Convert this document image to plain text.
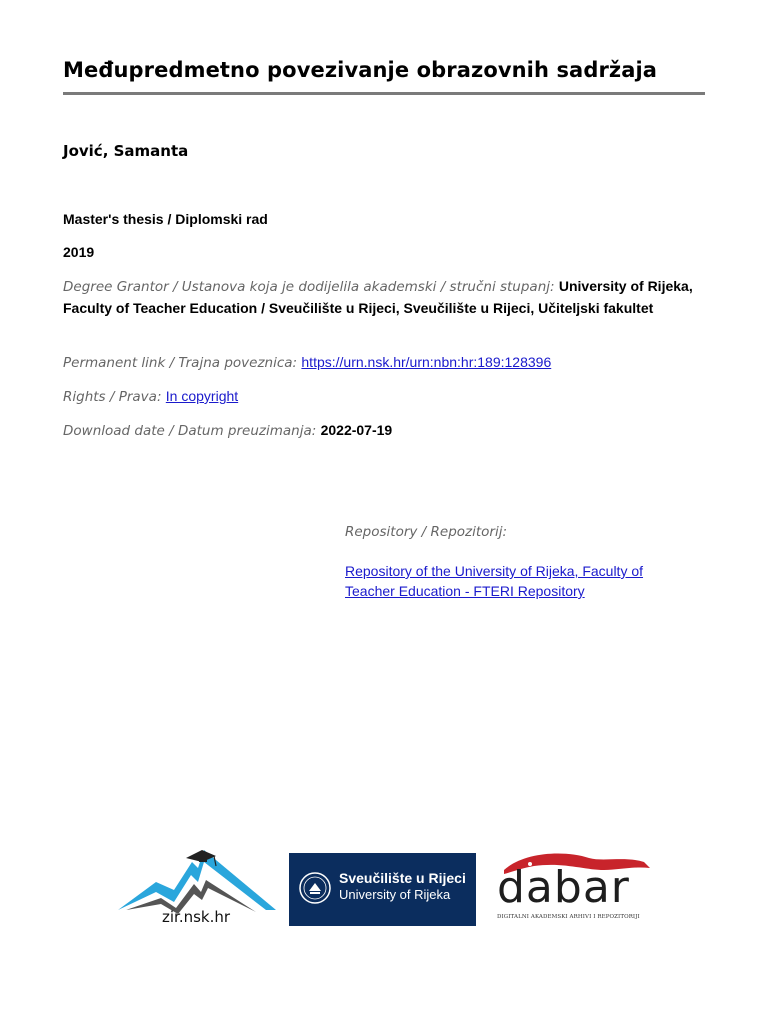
Međupredmetno povezivanje obrazovnih sadržaja
Jović, Samanta
Master's thesis / Diplomski rad
2019
Degree Grantor / Ustanova koja je dodijelila akademski / stručni stupanj: University of Rijeka, Faculty of Teacher Education / Sveučilište u Rijeci, Sveučilište u Rijeci, Učiteljski fakultet
Permanent link / Trajna poveznica: https://urn.nsk.hr/urn:nbn:hr:189:128396
Rights / Prava: In copyright
Download date / Datum preuzimanja: 2022-07-19
Repository / Repozitorij:
Repository of the University of Rijeka, Faculty of Teacher Education - FTERI Repository
zir.nsk.hr
Sveučilište u Rijeci
University of Rijeka dabar
DIGITALNI AKADEMSKI ARHIVI I REPOZITORIJI
